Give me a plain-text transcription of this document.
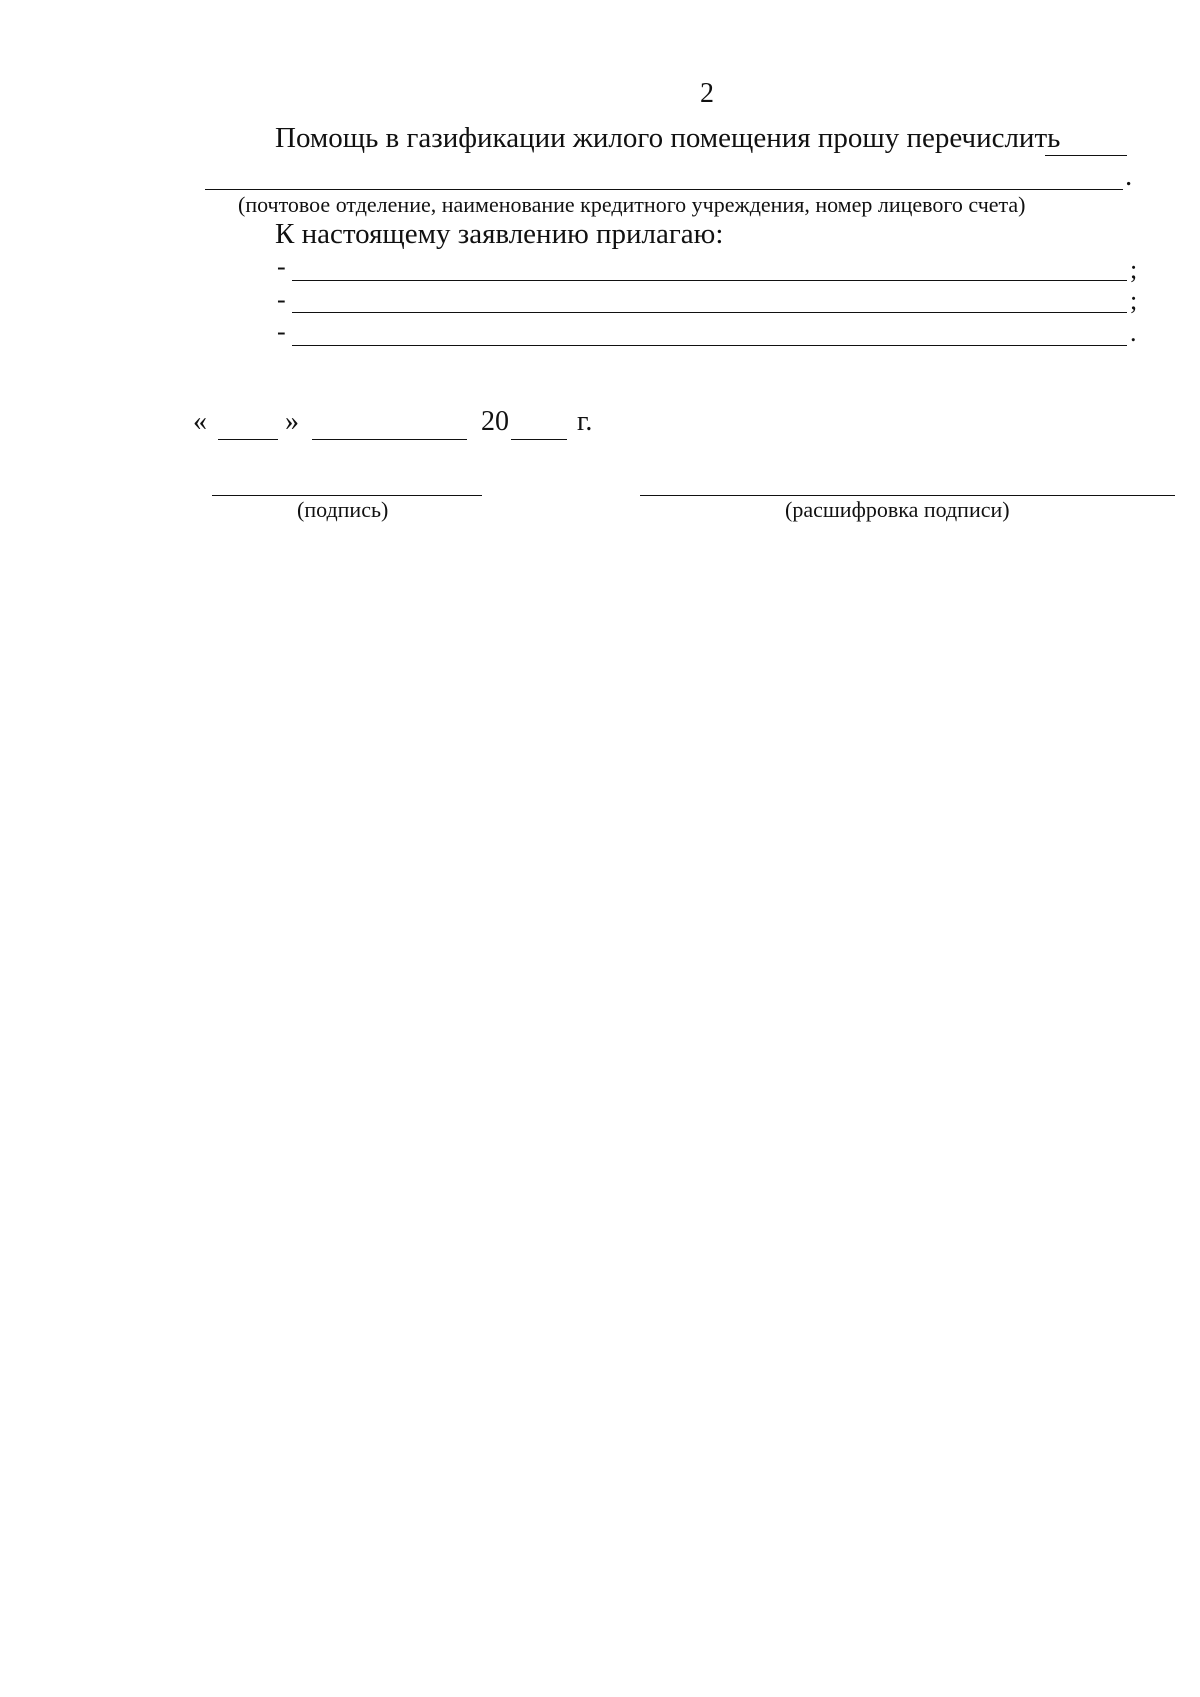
2
Помощь в газификации жилого помещения прошу перечислить
.
(почтовое отделение, наименование кредитного учреждения, номер лицевого счета)
К настоящему заявлению прилагаю:
-	;
-	;
-	.
«	»	20 г.
(подпись)	(расшифровка подписи)
